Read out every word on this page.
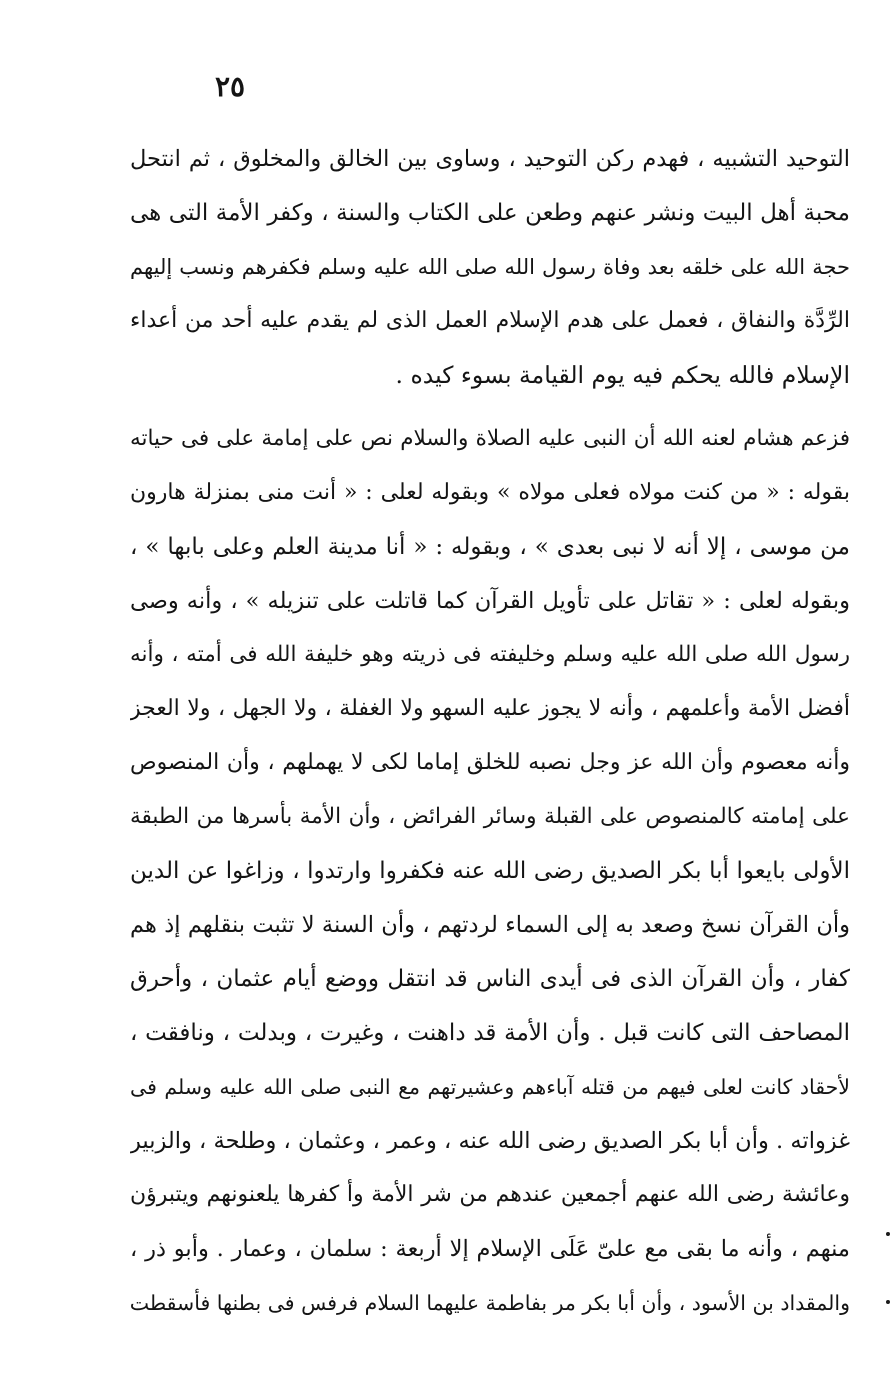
٢٥
التوحيد التشبيه ، فهدم ركن التوحيد ، وساوى بين الخالق والمخلوق ، ثم انتحل
محبة أهل البيت ونشر عنهم وطعن على الكتاب والسنة ، وكفر الأمة التى هى
حجة الله على خلقه بعد وفاة رسول الله صلى الله عليه وسلم فكفرهم ونسب إليهم
الرِّدَّة والنفاق ، فعمل على هدم الإسلام العمل الذى لم يقدم عليه أحد من أعداء
الإسلام فالله يحكم فيه يوم القيامة بسوء كيده .
فزعم هشام لعنه الله أن النبى عليه الصلاة والسلام نص على إمامة على فى حياته
بقوله : « من كنت مولاه فعلى مولاه » وبقوله لعلى : « أنت منى بمنزلة هارون
من موسى ، إلا أنه لا نبى بعدى » ، وبقوله : « أنا مدينة العلم وعلى بابها » ،
وبقوله لعلى : « تقاتل على تأويل القرآن كما قاتلت على تنزيله » ، وأنه وصى
رسول الله صلى الله عليه وسلم وخليفته فى ذريته وهو خليفة الله فى أمته ، وأنه
أفضل الأمة وأعلمهم ، وأنه لا يجوز عليه السهو ولا الغفلة ، ولا الجهل ، ولا العجز
وأنه معصوم وأن الله عز وجل نصبه للخلق إماما لكى لا يهملهم ، وأن المنصوص
على إمامته كالمنصوص على القبلة وسائر الفرائض ، وأن الأمة بأسرها من الطبقة
الأولى بايعوا أبا بكر الصديق رضى الله عنه فكفروا وارتدوا ، وزاغوا عن الدين
وأن القرآن نسخ وصعد به إلى السماء لردتهم ، وأن السنة لا تثبت بنقلهم إذ هم
كفار ، وأن القرآن الذى فى أيدى الناس قد انتقل ووضع أيام عثمان ، وأحرق
المصاحف التى كانت قبل . وأن الأمة قد داهنت ، وغيرت ، وبدلت ، ونافقت ،
لأحقاد كانت لعلى فيهم من قتله آباءهم وعشيرتهم مع النبى صلى الله عليه وسلم فى
غزواته . وأن أبا بكر الصديق رضى الله عنه ، وعمر ، وعثمان ، وطلحة ، والزبير
وعائشة رضى الله عنهم أجمعين عندهم من شر الأمة وأ كفرها يلعنونهم ويتبرؤن
منهم ، وأنه ما بقى مع علىّ عَلَى الإسلام إلا أربعة : سلمان ، وعمار . وأبو ذر ،
والمقداد بن الأسود ، وأن أبا بكر مر بفاطمة عليهما السلام فرفس فى بطنها فأسقطت
